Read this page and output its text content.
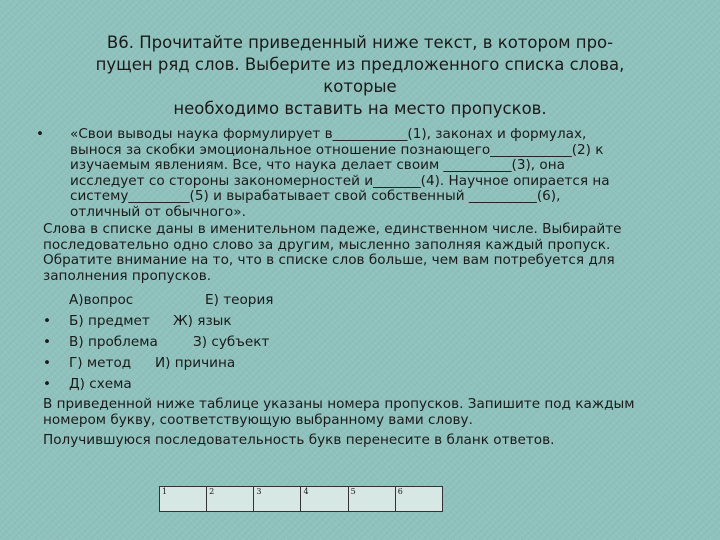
В6. Прочитайте приведенный ниже текст, в котором про-
пущен ряд слов. Выберите из предложенного списка слова, которые
необходимо вставить на место пропусков.
• «Свои выводы наука формулирует в___________(1), законах и формулах,
вынося за скобки эмоциональное отношение познающего____________(2) к
изучаемым явлениям. Все, что наука делает своим __________(3), она
исследует со стороны закономерностей и_______(4). Научное опирается на
систему_________(5) и вырабатывает свой собственный __________(6),
отличный от обычного».
Слова в списке даны в именительном падеже, единственном числе. Выбирайте
последовательно одно слово за другим, мысленно заполняя каждый пропуск.
Обратите внимание на то, что в списке слов больше, чем вам потребуется для
заполнения пропусков.
А)вопрос	Е) теория
• Б) предмет Ж) язык
• В) проблема	З) субъект
• Г) метод И) причина
• Д) схема
В приведенной ниже таблице указаны номера пропусков. Запишите под каждым
номером букву, соответствующую выбранному вами слову.
Получившуюся последовательность букв перенесите в бланк ответов.
1	2	3	4	5	6
